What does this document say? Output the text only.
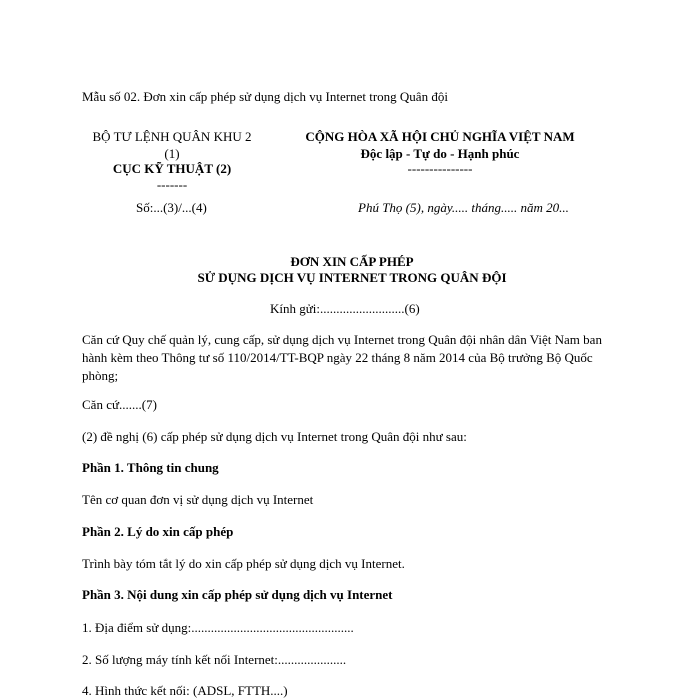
Mẫu số 02. Đơn xin cấp phép sử dụng dịch vụ Internet trong Quân đội
BỘ TƯ LỆNH QUÂN KHU 2
(1)
CỤC KỸ THUẬT (2)
-------
Số:...(3)/...(4)
CỘNG HÒA XÃ HỘI CHỦ NGHĨA VIỆT NAM
Độc lập - Tự do - Hạnh phúc
---------------
Phú Thọ (5), ngày..... tháng..... năm 20...
ĐƠN XIN CẤP PHÉP
SỬ DỤNG DỊCH VỤ INTERNET TRONG QUÂN ĐỘI
Kính gửi:..........................(6)
Căn cứ Quy chế quản lý, cung cấp, sử dụng dịch vụ Internet trong Quân đội nhân dân Việt Nam ban hành kèm theo Thông tư số 110/2014/TT-BQP ngày 22 tháng 8 năm 2014 của Bộ trưởng Bộ Quốc phòng;
Căn cứ.......(7)
(2) đề nghị (6) cấp phép sử dụng dịch vụ Internet trong Quân đội như sau:
Phần 1. Thông tin chung
Tên cơ quan đơn vị sử dụng dịch vụ Internet
Phần 2. Lý do xin cấp phép
Trình bày tóm tắt lý do xin cấp phép sử dụng dịch vụ Internet.
Phần 3. Nội dung xin cấp phép sử dụng dịch vụ Internet
1. Địa điểm sử dụng:..................................................
2. Số lượng máy tính kết nối Internet:.....................
4. Hình thức kết nối: (ADSL, FTTH....)
